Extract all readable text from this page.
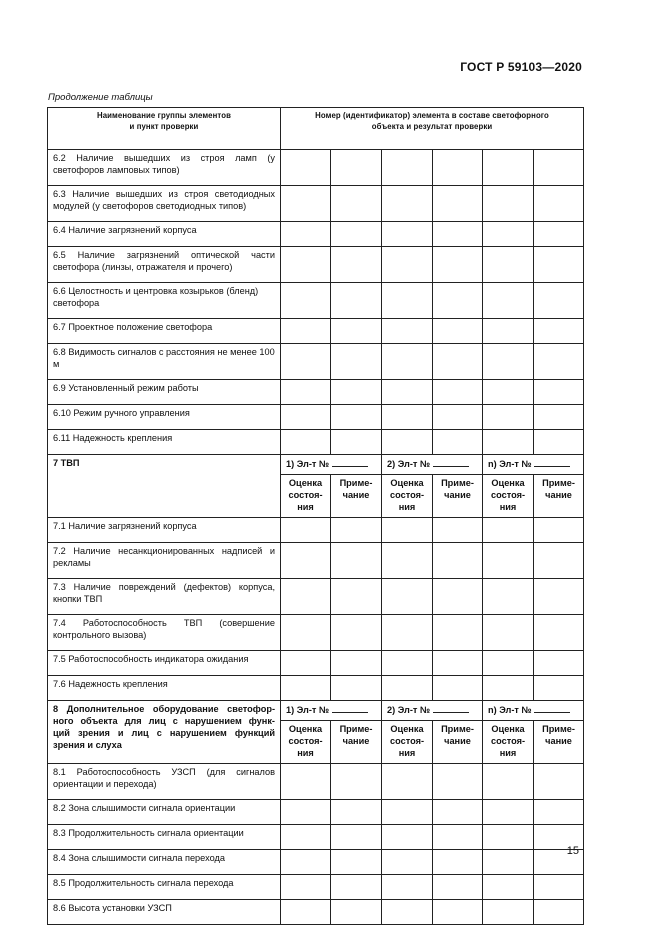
ГОСТ Р 59103—2020
Продолжение таблицы
Наименование группы элементов
и пункт проверки	Номер (идентификатор) элемента в составе светофорного
объекта и результат проверки					

6.2 Наличие вышедших из строя ламп (у
светофоров ламповых типов)						

6.3 Наличие вышедших из строя светодиодных
модулей (у светофоров светодиодных типов)						

6.4 Наличие загрязнений корпуса						

6.5 Наличие загрязнений оптической части
светофора (линзы, отражателя и прочего)						

6.6 Целостность и центровка козырьков (бленд) светофора						

6.7 Проектное положение светофора						

6.8 Видимость сигналов с расстояния не менее 100 м						

6.9 Установленный режим работы						

6.10 Режим ручного управления						

6.11 Надежность крепления						

7 ТВП	1) Эл-т №		2) Эл-т №		n) Эл-т №	

	Оценка
состоя-
ния	Приме-
чание	Оценка
состоя-
ния	Приме-
чание	Оценка
состоя-
ния	Приме-
чание

7.1 Наличие загрязнений корпуса						

7.2 Наличие несанкционированных надписей и
рекламы						

7.3 Наличие повреждений (дефектов) корпуса,
кнопки ТВП						

7.4 Работоспособность ТВП (совершение
контрольного вызова)						

7.5 Работоспособность индикатора ожидания						

7.6 Надежность крепления						

8 Дополнительное оборудование светофор-
ного объекта для лиц с нарушением функ-
ций зрения и лиц с нарушением функций
зрения и слуха	1) Эл-т №		2) Эл-т №		n) Эл-т №	

	Оценка
состоя-
ния	Приме-
чание	Оценка
состоя-
ния	Приме-
чание	Оценка
состоя-
ния	Приме-
чание

8.1 Работоспособность УЗСП (для сигналов
ориентации и перехода)						

8.2 Зона слышимости сигнала ориентации						

8.3 Продолжительность сигнала ориентации						

8.4 Зона слышимости сигнала перехода						

8.5 Продолжительность сигнала перехода						

8.6 Высота установки УЗСП						

15
